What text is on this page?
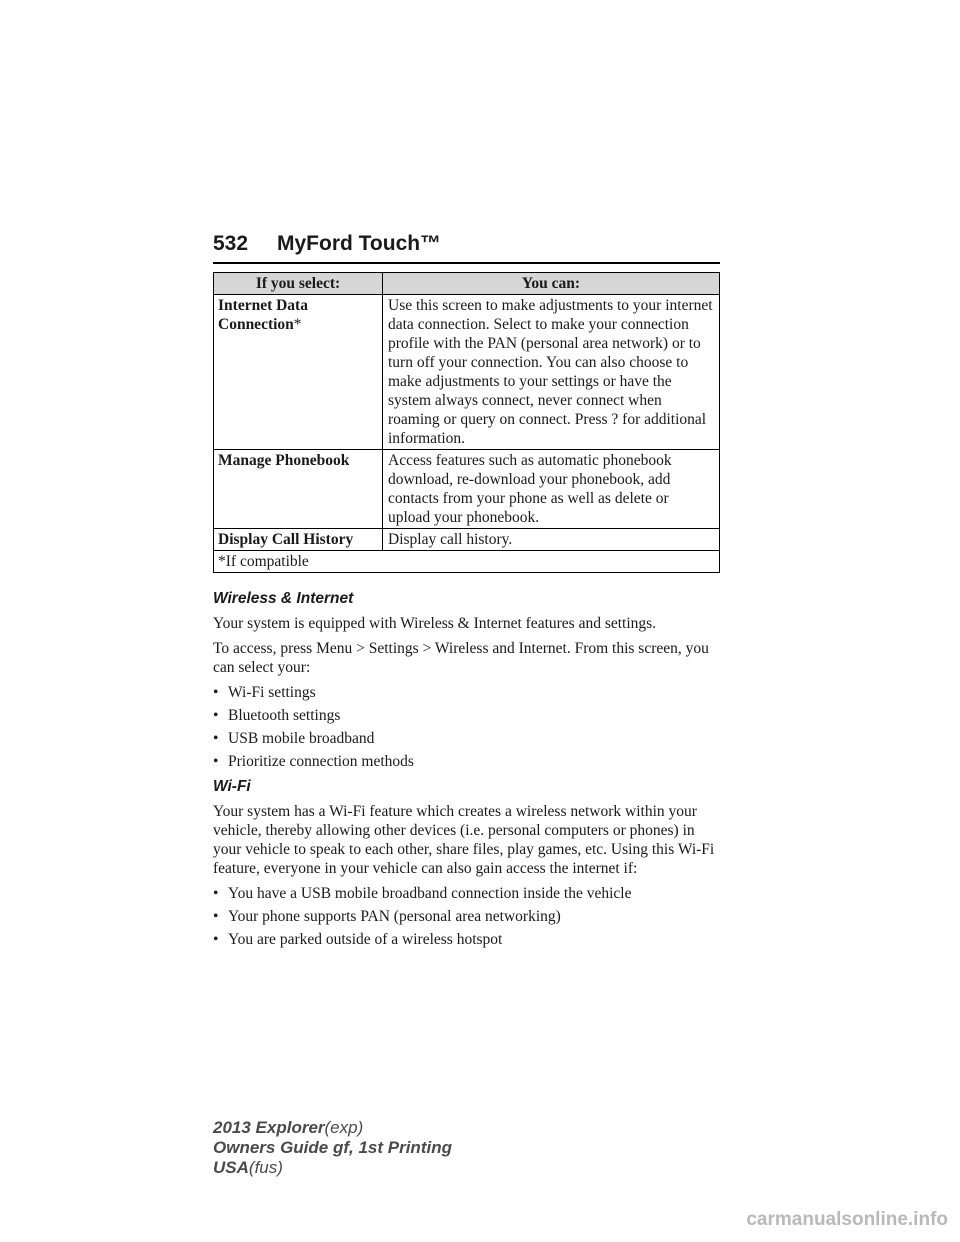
532 MyFord Touch™
If you select:	You can:
Internet Data
Connection*	Use this screen to make adjustments to your internet data connection. Select to make your connection profile with the PAN (personal area network) or to turn off your connection. You can also choose to make adjustments to your settings or have the system always connect, never connect when roaming or query on connect. Press ? for additional information.
Manage Phonebook	Access features such as automatic phonebook download, re-download your phonebook, add contacts from your phone as well as delete or upload your phonebook.
Display Call History	Display call history.
*If compatible	
Wireless & Internet

Your system is equipped with Wireless & Internet features and settings.

To access, press Menu > Settings > Wireless and Internet. From this screen, you can select your:

• Wi-Fi settings
• Bluetooth settings
• USB mobile broadband
• Prioritize connection methods
Wi-Fi

Your system has a Wi-Fi feature which creates a wireless network within your vehicle, thereby allowing other devices (i.e. personal computers or phones) in your vehicle to speak to each other, share files, play games, etc. Using this Wi-Fi feature, everyone in your vehicle can also gain access the internet if:

• You have a USB mobile broadband connection inside the vehicle
• Your phone supports PAN (personal area networking)
• You are parked outside of a wireless hotspot
2013 Explorer(exp)
Owners Guide gf, 1st Printing
USA(fus)
carmanualsonline.info
